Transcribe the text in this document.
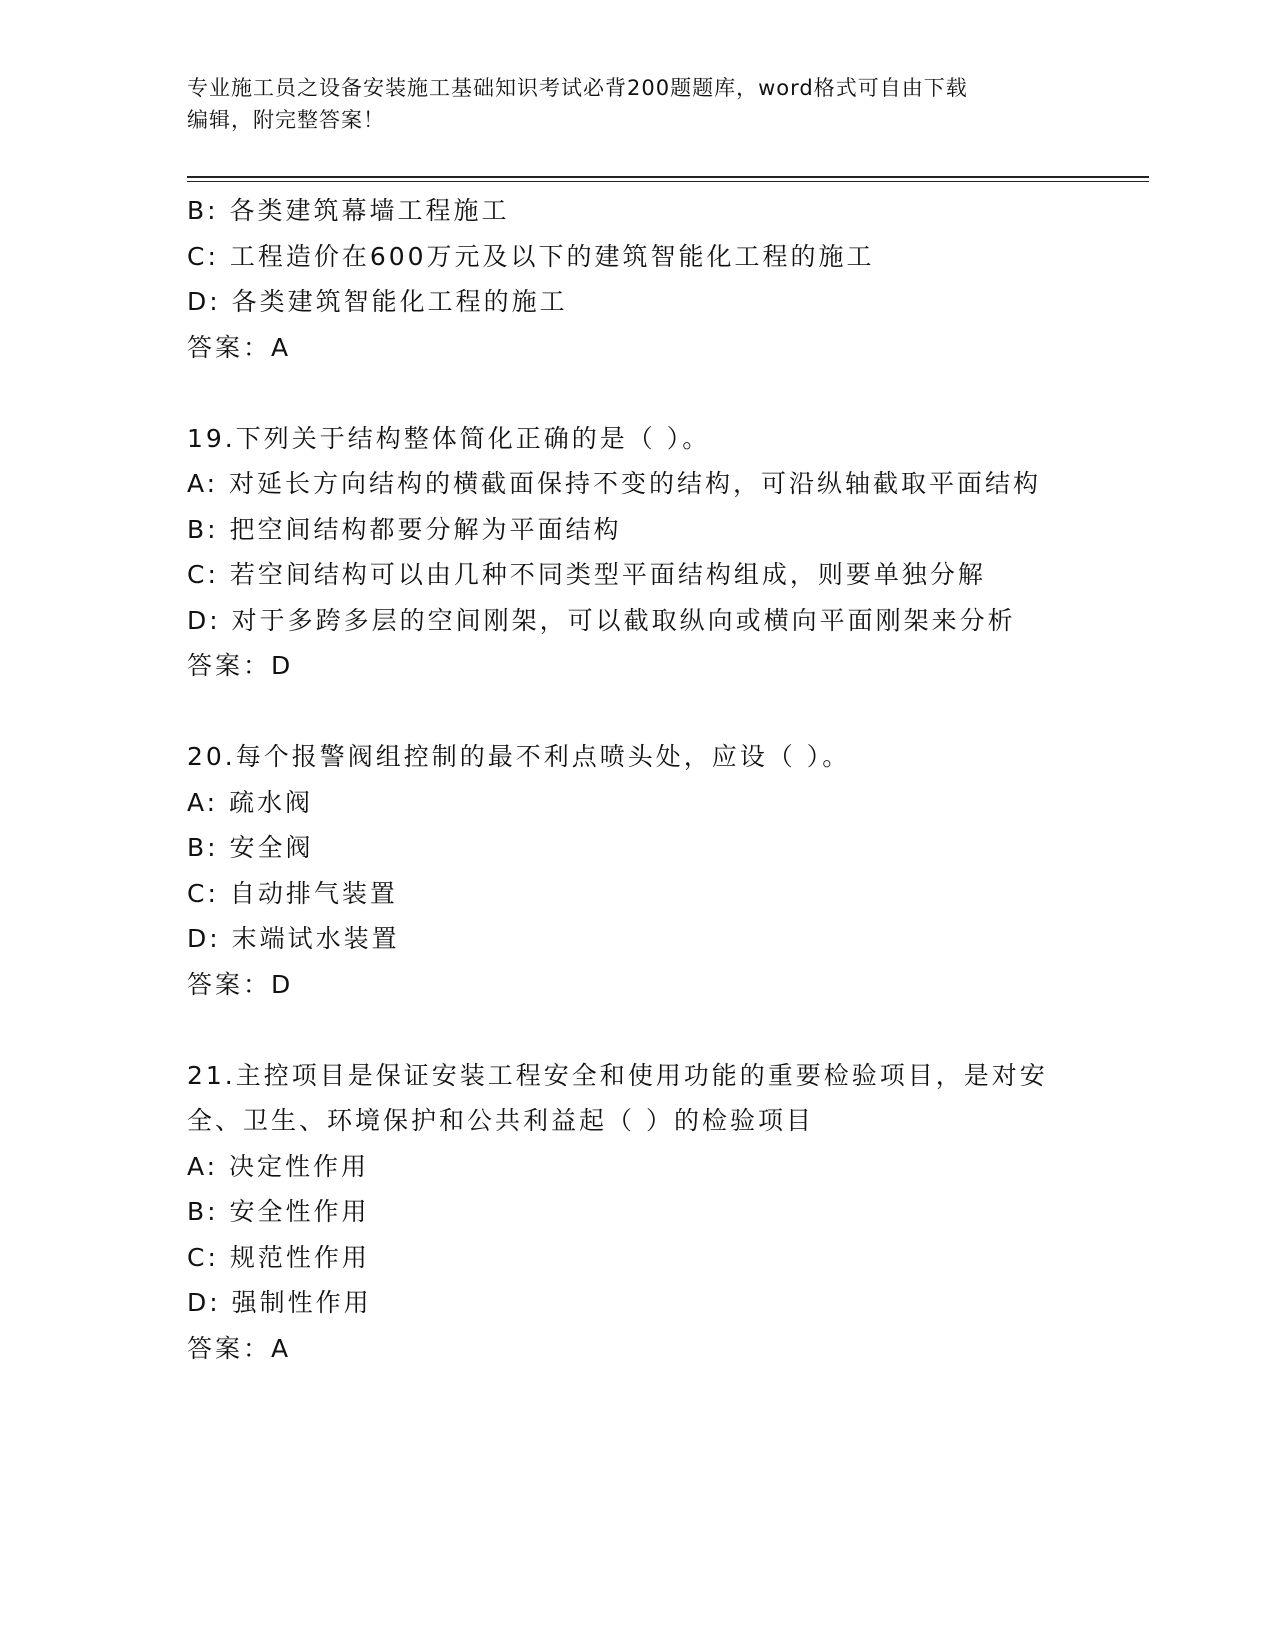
专业施工员之设备安装施工基础知识考试必背200题题库，word格式可自由下载
编辑，附完整答案！
B: 各类建筑幕墙工程施工
C: 工程造价在600万元及以下的建筑智能化工程的施工
D: 各类建筑智能化工程的施工
答案：A
19.下列关于结构整体简化正确的是（ ）。
A: 对延长方向结构的横截面保持不变的结构，可沿纵轴截取平面结构
B: 把空间结构都要分解为平面结构
C: 若空间结构可以由几种不同类型平面结构组成，则要单独分解
D: 对于多跨多层的空间刚架，可以截取纵向或横向平面刚架来分析
答案：D
20.每个报警阀组控制的最不利点喷头处，应设（ ）。
A: 疏水阀
B: 安全阀
C: 自动排气装置
D: 末端试水装置
答案：D
21.主控项目是保证安装工程安全和使用功能的重要检验项目，是对安
全、卫生、环境保护和公共利益起（ ）的检验项目
A: 决定性作用
B: 安全性作用
C: 规范性作用
D: 强制性作用
答案：A
